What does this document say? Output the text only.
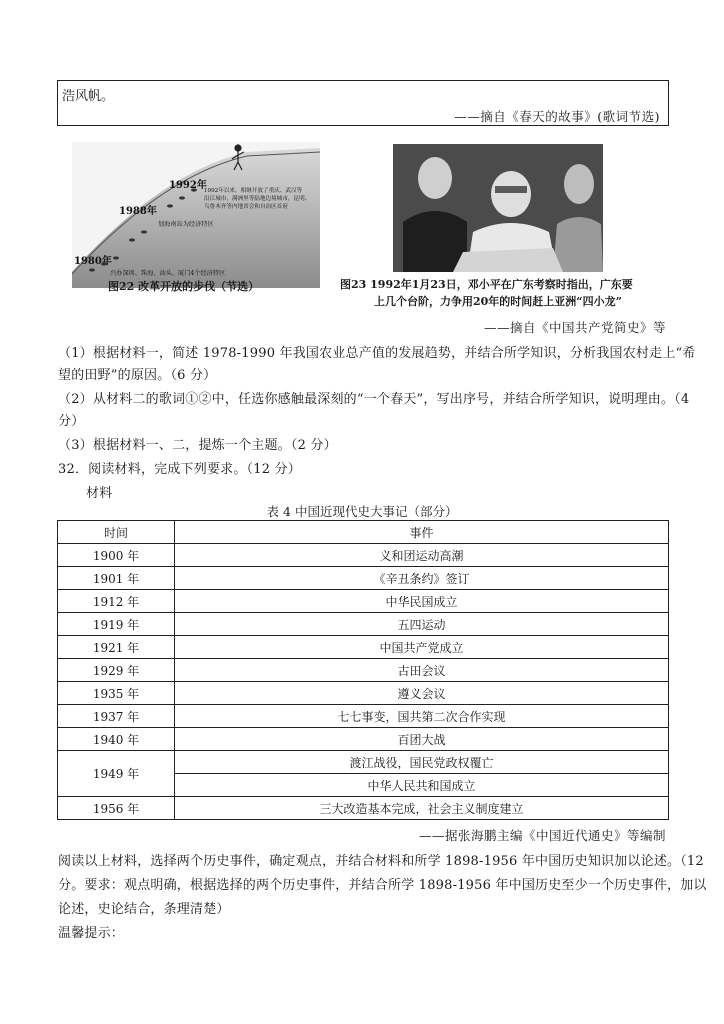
浩风帆。
——摘自《春天的故事》(歌词节选)
1992年
1988年
1980年
1992年以来，相继开放了重庆、武汉等
沿江城市，满洲里等陆地边境城市，昆明、
乌鲁木齐等内地省会和自治区首府
划海南岛为经济特区
兴办深圳、珠海、汕头、厦门4个经济特区
图22 改革开放的步伐（节选）	图23 1992年1月23日，邓小平在广东考察时指出，广东要
上几个台阶，力争用20年的时间赶上亚洲“四小龙”
——摘自《中国共产党简史》等
（1）根据材料一，简述 1978-1990 年我国农业总产值的发展趋势，并结合所学知识，分析我国农村走上“希
望的田野”的原因。（6 分）
（2）从材料二的歌词①②中，任选你感触最深刻的“一个春天”，写出序号，并结合所学知识，说明理由。（4
分）
（3）根据材料一、二，提炼一个主题。（2 分）
32．阅读材料，完成下列要求。（12 分）
材料
表 4 中国近现代史大事记（部分）
时间	事件
1900 年	义和团运动高潮
1901 年	《辛丑条约》签订
1912 年	中华民国成立
1919 年	五四运动
1921 年	中国共产党成立
1929 年	古田会议
1935 年	遵义会议
1937 年	七七事变，国共第二次合作实现
1940 年	百团大战
1949 年	渡江战役，国民党政权覆亡
	中华人民共和国成立
1956 年	三大改造基本完成，社会主义制度建立
——据张海鹏主编《中国近代通史》等编制
阅读以上材料，选择两个历史事件，确定观点，并结合材料和所学 1898-1956 年中国历史知识加以论述。（12
分。要求：观点明确，根据选择的两个历史事件，并结合所学 1898-1956 年中国历史至少一个历史事件，加以
论述，史论结合，条理清楚）
温馨提示：
